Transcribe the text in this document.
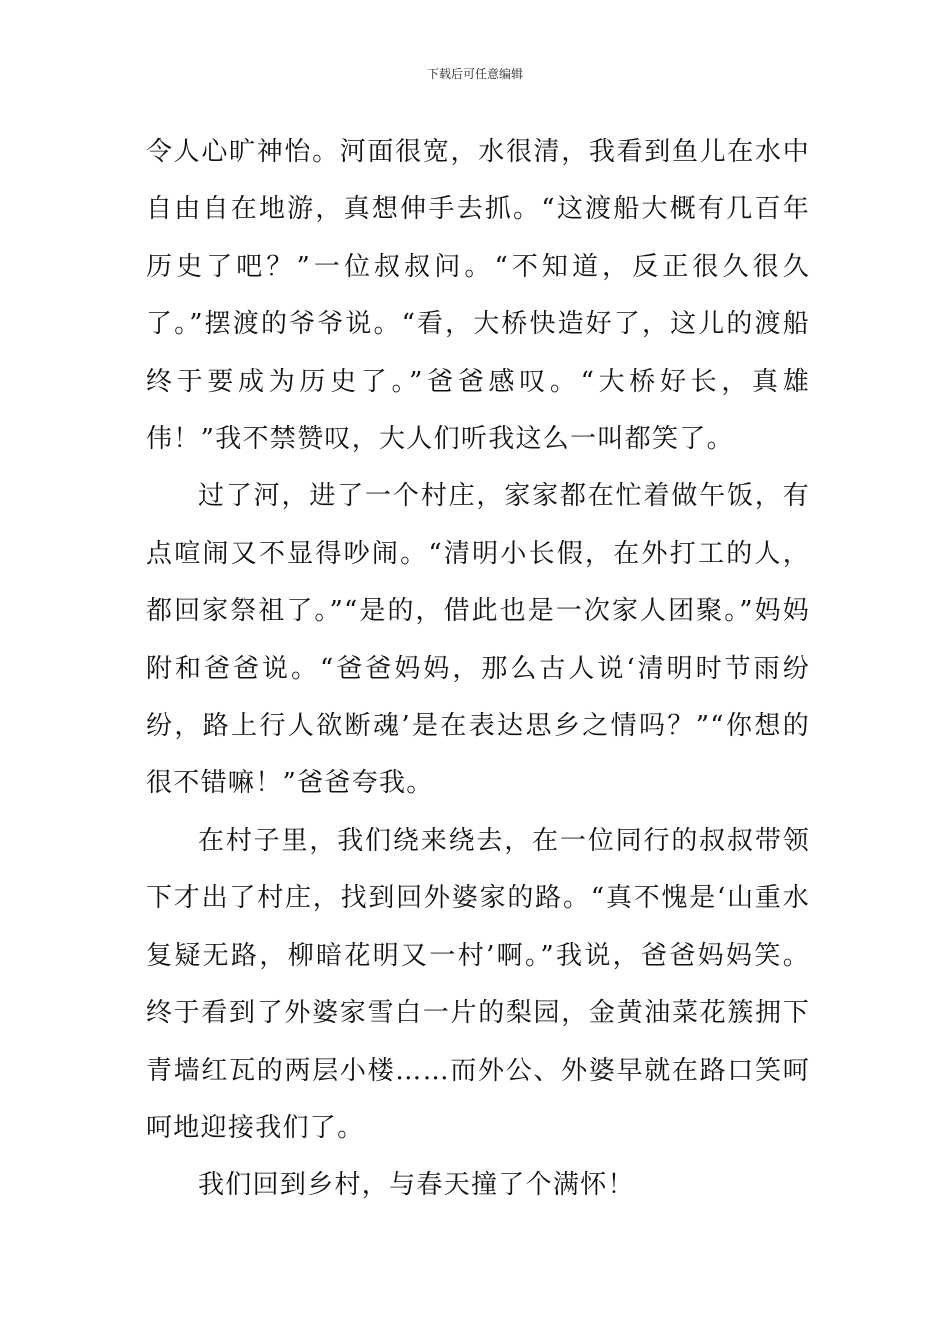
下载后可任意编辑

令人心旷神怡。河面很宽，水很清，我看到鱼儿在水中自由自在地游，真想伸手去抓。“这渡船大概有几百年历史了吧？”一位叔叔问。“不知道，反正很久很久了。”摆渡的爷爷说。“看，大桥快造好了，这儿的渡船终于要成为历史了。”爸爸感叹。“大桥好长，真雄伟！”我不禁赞叹，大人们听我这么一叫都笑了。

过了河，进了一个村庄，家家都在忙着做午饭，有点喧闹又不显得吵闹。“清明小长假，在外打工的人，都回家祭祖了。”“是的，借此也是一次家人团聚。”妈妈附和爸爸说。“爸爸妈妈，那么古人说‘清明时节雨纷纷，路上行人欲断魂’是在表达思乡之情吗？”“你想的很不错嘛！”爸爸夸我。

在村子里，我们绕来绕去，在一位同行的叔叔带领下才出了村庄，找到回外婆家的路。“真不愧是‘山重水复疑无路，柳暗花明又一村’啊。”我说，爸爸妈妈笑。终于看到了外婆家雪白一片的梨园，金黄油菜花簇拥下青墙红瓦的两层小楼……而外公、外婆早就在路口笑呵呵地迎接我们了。

我们回到乡村，与春天撞了个满怀！
